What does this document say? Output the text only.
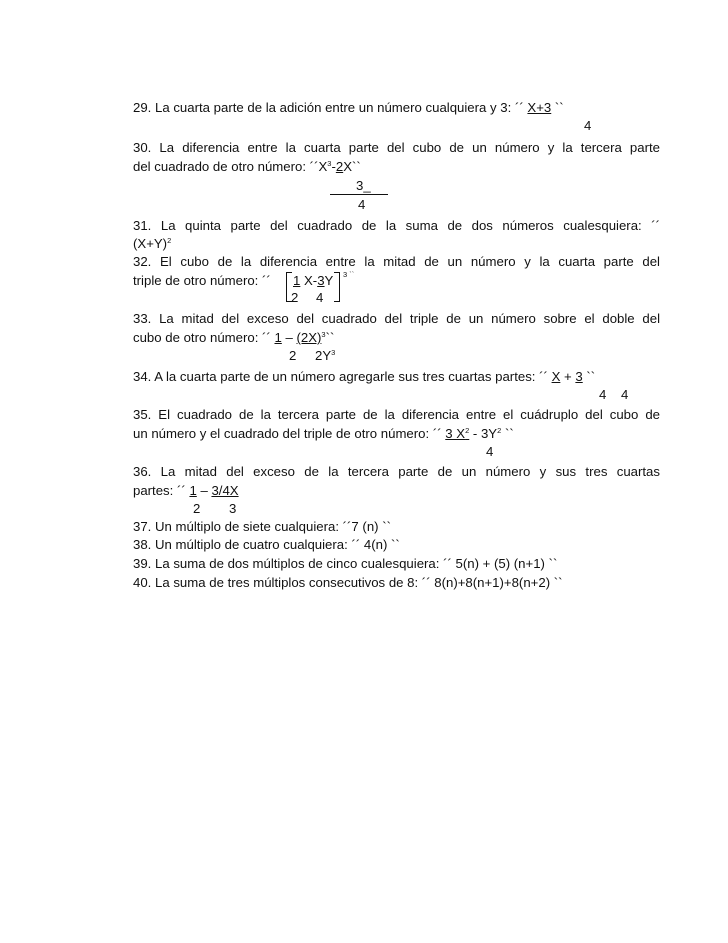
29. La cuarta parte de la adición entre un número cualquiera y 3: ´´ X+3 ``
4
30. La diferencia entre la cuarta parte del cubo de un número y la tercera parte
del cuadrado de otro número: $´´X^3-2X``$
3_
4
31. La quinta parte del cuadrado de la suma de dos números cualesquiera: ´´
$(X+Y)^2$
32. El cubo de la diferencia entre la mitad de un número y la cuarta parte del
triple de otro número: ´´ 1 X-3Y 3 ``
2 4
33. La mitad del exceso del cuadrado del triple de un número sobre el doble del
cubo de otro número: ´´ $1 - (2X)^3``$
2 $2Y^3$
34. A la cuarta parte de un número agregarle sus tres cuartas partes: ´´ X + 3 ``
4 4
35. El cuadrado de la tercera parte de la diferencia entre el cuádruplo del cubo de
un número y el cuadrado del triple de otro número: ´´ 3 $X^2 - 3Y^2$ ``
4
36. La mitad del exceso de la tercera parte de un número y sus tres cuartas
partes: ´´ 1 – 3/4X
2 3
37. Un múltiplo de siete cualquiera: ´´7 (n) ``
38. Un múltiplo de cuatro cualquiera: ´´ 4(n) ``
39. La suma de dos múltiplos de cinco cualesquiera: ´´ 5(n) + (5) (n+1) ``
40. La suma de tres múltiplos consecutivos de 8: ´´ 8(n)+8(n+1)+8(n+2) ``
